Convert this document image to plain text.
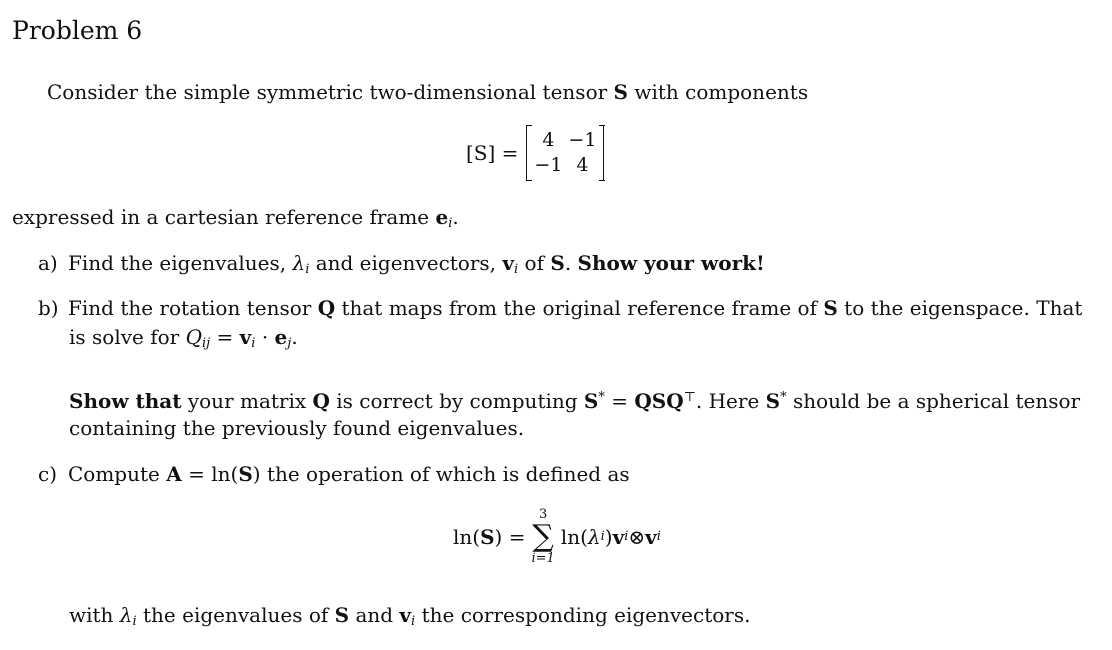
Problem 6
Consider the simple symmetric two-dimensional tensor S with components
[S] =
4 −1
−1 4
expressed in a cartesian reference frame $e_i$.
a) Find the eigenvalues, $\lambda_i$ and eigenvectors, $v_i$ of S. Show your work!
b) Find the rotation tensor Q that maps from the original reference frame of S to the eigenspace. That
is solve for $Q_{ij} = v_i \cdot e_j$.
Show that your matrix Q is correct by computing S* = QSQ⊤. Here S* should be a spherical tensor
containing the previously found eigenvalues.
c) Compute A = ln(S) the operation of which is defined as
ln( S ) =
3
∑
i=1
ln( λ i ) v i ⊗ v i
with $\lambda_i$ the eigenvalues of S and $v_i$ the corresponding eigenvectors.
